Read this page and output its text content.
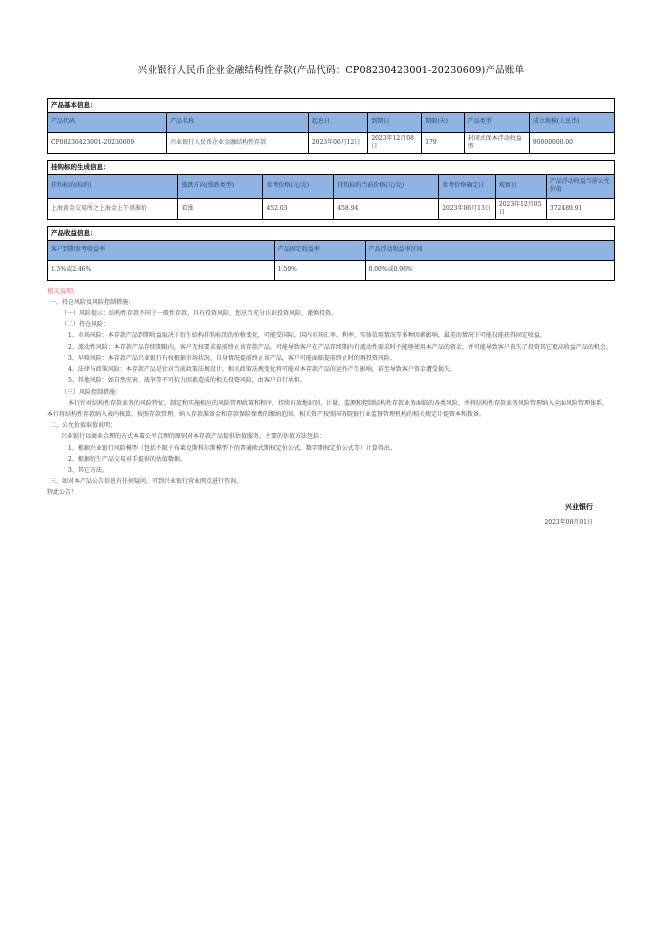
兴业银行人民币企业金融结构性存款(产品代码：CP08230423001-20230609)产品账单
产品基本信息：						
产品代码	产品名称	起息日	到期日	期限(天)	产品类型	成立规模(人民币)
CP08230423001-20230609	兴业银行人民币企业金融结构性存款	2023年06月12日	2023年12月08日	179	封闭式保本浮动收益型	90000000.00
挂钩标的生成信息：						
挂钩标的(标的)	涨跌方向(涨跌类型)	参考价格(元/克)	挂钩标的当前价格(元/克)	参考价格确定日	观察日	产品浮动收益当前公允价值
上海黄金交易所之上海金上午基准价	看涨	452.03	458.94	2023年06月13日	2023年12月05日	372489.91
产品收益信息：		
客户到期参考收益率	产品固定收益率	产品浮动收益率区间
1.5%或2.46%	1.50%	0.00%或0.96%
相关说明：
一、持仓风险及风险控制措施：
（一）风险提示：结构性存款不同于一般性存款，具有投资风险，您应当充分认识投资风险，谨慎投资。
（二）持仓风险：
1、市场风险：本存款产品到期收益取决于衍生结构挂钩标的的价格变化，可能受国际、国内市场汇率、利率、实体信用情况等多种因素影响，最差的情况下可能仅能获得固定收益。
2、流动性风险：本存款产品存续期限内，客户无权要求提前终止该存款产品，可能导致客户在产品存续期内有流动性需求时不能够使用本产品的资金，并可能导致客户丧失了投资其它更高收益产品的机会。
3、早赎风险：本存款产品兴业银行有权根据市场状况、自身情况提前终止该产品，客户可能面临提前终止时的再投资风险。
4、法律与政策风险：本存款产品是针对当前政策法规设计，相关政策法规变化将可能对本存款产品的运作产生影响，甚至导致客户资金遭受损失。
5、其他风险：如自然灾害、战争等不可抗力因素造成的相关投资风险，由客户自行承担。
（三）风险控制措施：
本行针对结构性存款业务的风险特征，制定和实施相应的风险管理政策和程序，持续有效地识别、计量、监测和控制结构性存款业务面临的各类风险，并将结构性存款业务风险管理纳入全面风险管理体系。
本行将结构性存款纳入表内核算，按照存款管理，纳入存款准备金和存款保险保费的缴纳范围，相关资产按照国务院银行业监督管理机构的相关规定计提资本和拨备。
二、公允价值取值说明：
兴业银行以商业合理的方式本着公平合理的原则对本存款产品提供估值服务，主要的估值方法包括：
1、根据兴业银行风险模型（包括不限于布莱克斯科尔斯模型下的普通欧式期权定价公式、数字期权定价公式等）计算得出。
2、根据衍生产品交易对手提供的估值数据。
3、其它方法。
三、如对本产品公告信息有任何疑问，可到兴业银行营业网点进行咨询。
特此公告！
兴业银行
2023年08月01日
